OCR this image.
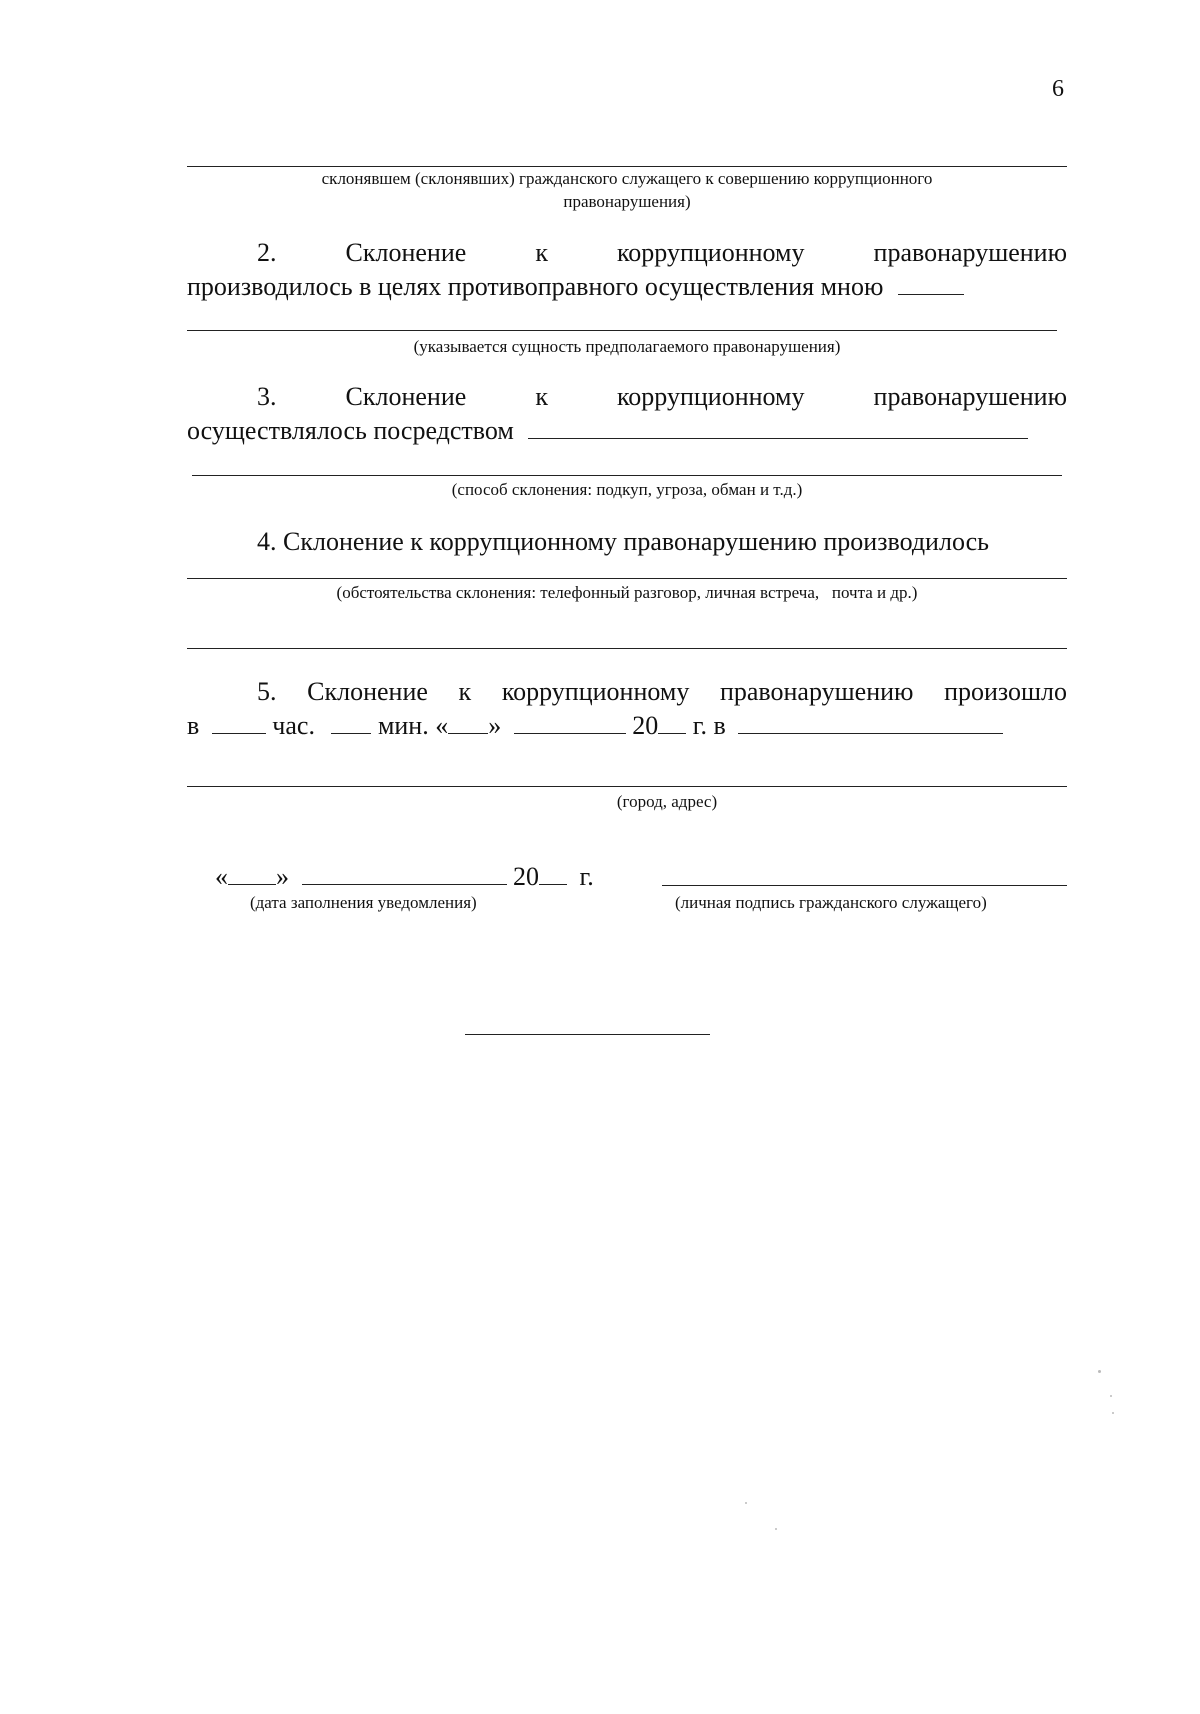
6
склонявшем (склонявших) гражданского служащего к совершению коррупционного
правонарушения)
2. Склонение	к	коррупционному	правонарушению
производилось в целях противоправного осуществления мною
(указывается сущность предполагаемого правонарушения)
3. Склонение	к	коррупционному	правонарушению
осуществлялось посредством
(способ склонения: подкуп, угроза, обман и т.д.)
4. Склонение к коррупционному правонарушению производилось
(обстоятельства склонения: телефонный разговор, личная встреча,   почта и др.)
5. Склонение к коррупционному правонарушению произошло
в	час. мин. « »	20 г. в
(город, адрес)
« »	20 г.
(дата заполнения уведомления)	(личная подпись гражданского служащего)
